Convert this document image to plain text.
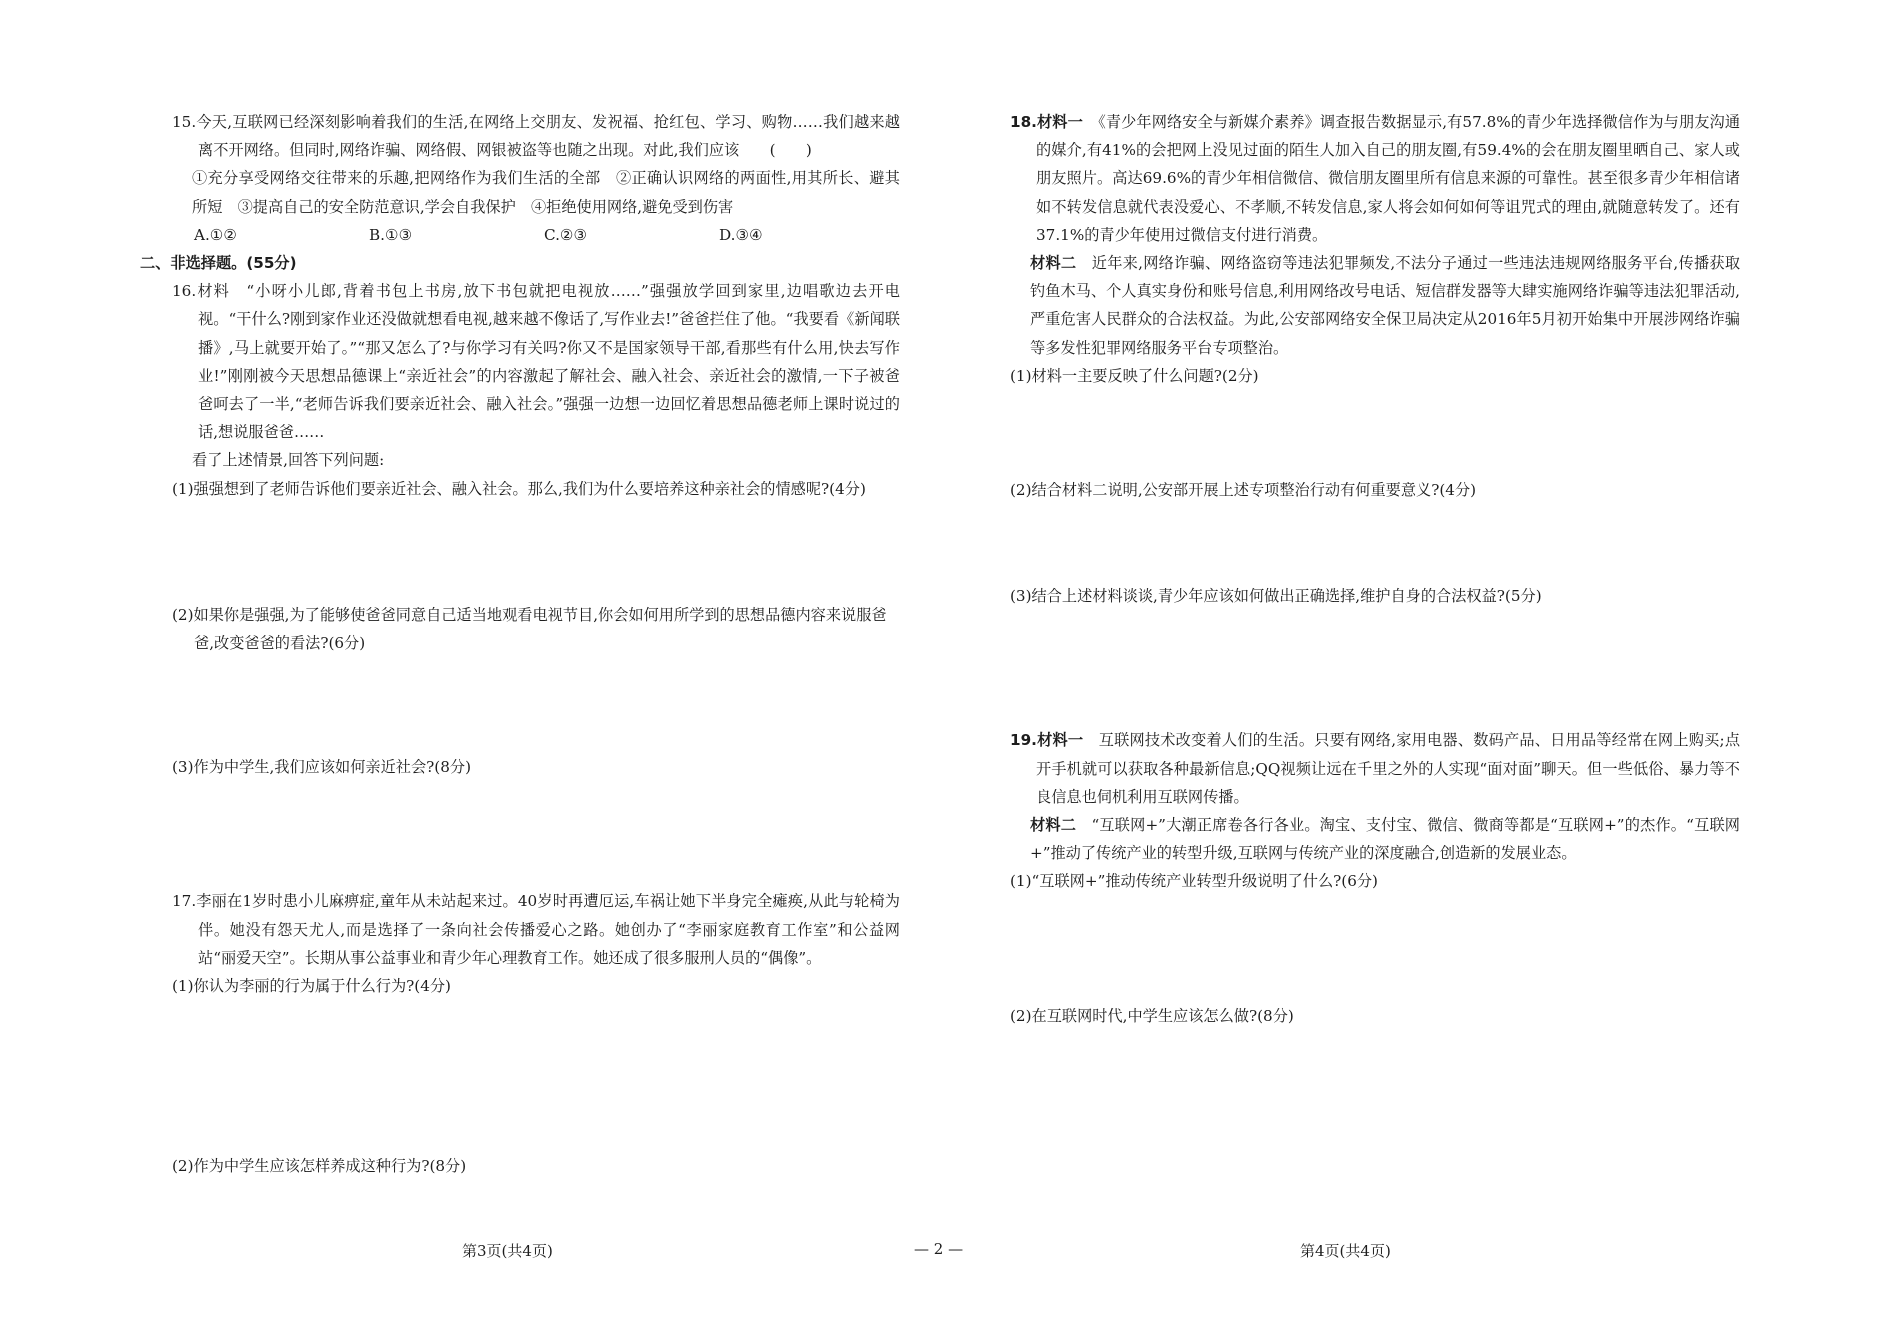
15.今天,互联网已经深刻影响着我们的生活,在网络上交朋友、发祝福、抢红包、学习、购物……我们越来越离不开网络。但同时,网络诈骗、网络假、网银被盗等也随之出现。对此,我们应该　　(　　)

①充分享受网络交往带来的乐趣,把网络作为我们生活的全部　②正确认识网络的两面性,用其所长、避其所短　③提高自己的安全防范意识,学会自我保护　④拒绝使用网络,避免受到伤害

A.①②	B.①③	C.②③	D.③④

二、非选择题。(55分)

16.材料　“小呀小儿郎,背着书包上书房,放下书包就把电视放……”强强放学回到家里,边唱歌边去开电视。“干什么?刚到家作业还没做就想看电视,越来越不像话了,写作业去!”爸爸拦住了他。“我要看《新闻联播》,马上就要开始了。”“那又怎么了?与你学习有关吗?你又不是国家领导干部,看那些有什么用,快去写作业!”刚刚被今天思想品德课上“亲近社会”的内容激起了解社会、融入社会、亲近社会的激情,一下子被爸爸呵去了一半,“老师告诉我们要亲近社会、融入社会。”强强一边想一边回忆着思想品德老师上课时说过的话,想说服爸爸……

看了上述情景,回答下列问题:

(1)强强想到了老师告诉他们要亲近社会、融入社会。那么,我们为什么要培养这种亲社会的情感呢?(4分)

(2)如果你是强强,为了能够使爸爸同意自己适当地观看电视节目,你会如何用所学到的思想品德内容来说服爸爸,改变爸爸的看法?(6分)

(3)作为中学生,我们应该如何亲近社会?(8分)

17.李丽在1岁时患小儿麻痹症,童年从未站起来过。40岁时再遭厄运,车祸让她下半身完全瘫痪,从此与轮椅为伴。她没有怨天尤人,而是选择了一条向社会传播爱心之路。她创办了“李丽家庭教育工作室”和公益网站“丽爱天空”。长期从事公益事业和青少年心理教育工作。她还成了很多服刑人员的“偶像”。

(1)你认为李丽的行为属于什么行为?(4分)

(2)作为中学生应该怎样养成这种行为?(8分)

18.材料一　 《青少年网络安全与新媒介素养》调查报告数据显示,有57.8%的青少年选择微信作为与朋友沟通的媒介,有41%的会把网上没见过面的陌生人加入自己的朋友圈,有59.4%的会在朋友圈里晒自己、家人或朋友照片。高达69.6%的青少年相信微信、微信朋友圈里所有信息来源的可靠性。甚至很多青少年相信诸如不转发信息就代表没爱心、不孝顺,不转发信息,家人将会如何如何等诅咒式的理由,就随意转发了。还有37.1%的青少年使用过微信支付进行消费。

材料二　 近年来,网络诈骗、网络盗窃等违法犯罪频发,不法分子通过一些违法违规网络服务平台,传播获取钓鱼木马、个人真实身份和账号信息,利用网络改号电话、短信群发器等大肆实施网络诈骗等违法犯罪活动,严重危害人民群众的合法权益。为此,公安部网络安全保卫局决定从2016年5月初开始集中开展涉网络诈骗等多发性犯罪网络服务平台专项整治。

(1)材料一主要反映了什么问题?(2分)

(2)结合材料二说明,公安部开展上述专项整治行动有何重要意义?(4分)

(3)结合上述材料谈谈,青少年应该如何做出正确选择,维护自身的合法权益?(5分)

19.材料一　 互联网技术改变着人们的生活。只要有网络,家用电器、数码产品、日用品等经常在网上购买;点开手机就可以获取各种最新信息;QQ视频让远在千里之外的人实现“面对面”聊天。但一些低俗、暴力等不良信息也伺机利用互联网传播。

材料二　 “互联网+”大潮正席卷各行各业。淘宝、支付宝、微信、微商等都是“互联网+”的杰作。“互联网+”推动了传统产业的转型升级,互联网与传统产业的深度融合,创造新的发展业态。

(1)“互联网+”推动传统产业转型升级说明了什么?(6分)

(2)在互联网时代,中学生应该怎么做?(8分)

第3页(共4页)	— 2 —	第4页(共4页)
